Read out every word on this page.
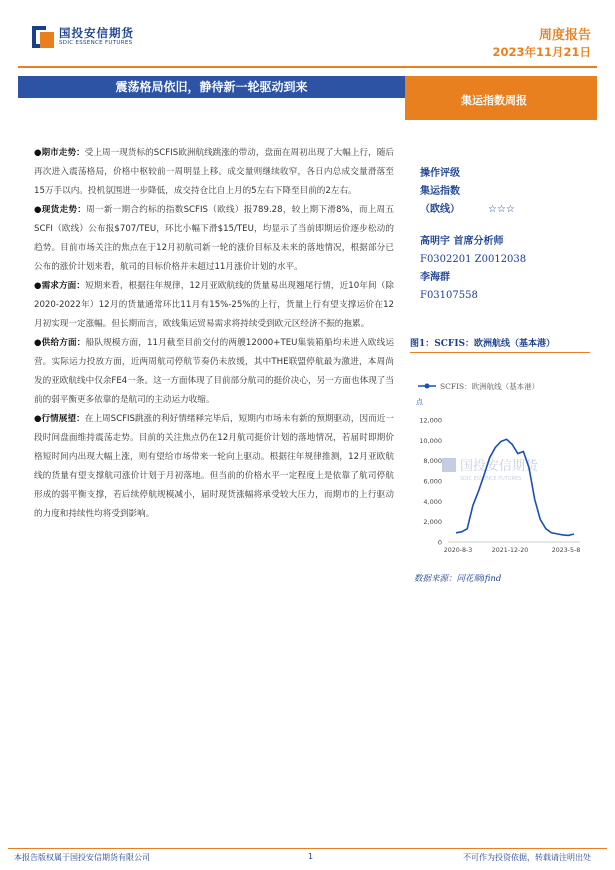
国投安信期货
SDIC ESSENCE FUTURES	周度报告
2023年11月21日
震荡格局依旧，静待新一轮驱动到来
集运指数周报

●期市走势：受上周一现货标的SCFIS欧洲航线跳涨的带动，盘面在周初出现了大幅上行，随后再次进入震荡格局，价格中枢较前一周明显上移。成交量则继续收窄，各日内总成交量滑落至15万手以内。投机氛围进一步降低，成交持仓比自上月的5左右下降至目前的2左右。

●现货走势：周一新一期合约标的指数SCFIS（欧线）报789.28，较上期下滑8%，而上周五SCFI（欧线）公布报$707/TEU，环比小幅下滑$15/TEU，均显示了当前即期运价逐步松动的趋势。目前市场关注的焦点在于12月初航司新一轮的涨价目标及未来的落地情况，根据部分已公布的涨价计划来看，航司的目标价格并未超过11月涨价计划的水平。

●需求方面：短期来看，根据往年规律，12月亚欧航线的货量易出现翘尾行情，近10年间（除2020-2022年）12月的货量通常环比11月有15%-25%的上行，货量上行有望支撑运价在12月初实现一定涨幅。但长期而言，欧线集运贸易需求将持续受到欧元区经济不振的拖累。

●供给方面：船队规模方面，11月截至目前交付的两艘12000+TEU集装箱船均未进入欧线运营。实际运力投放方面，近两周航司停航节奏仍未放缓，其中THE联盟停航最为激进，本周尚发的亚欧航线中仅余FE4一条。这一方面体现了目前部分航司的挺价决心，另一方面也体现了当前的弱平衡更多依靠的是航司的主动运力收缩。

●行情展望：在上周SCFIS跳涨的利好情绪释完毕后，短期内市场未有新的预期驱动，因而近一段时间盘面维持震荡走势。目前的关注焦点仍在12月航司挺价计划的落地情况，若届时即期价格短时间内出现大幅上涨，则有望给市场带来一轮向上驱动。根据往年规律推测，12月亚欧航线的货量有望支撑航司涨价计划于月初落地。但当前的价格水平一定程度上是依靠了航司停航形成的弱平衡支撑，若后续停航规模减小，届时现货涨幅将承受较大压力，而期市的上行驱动的力度和持续性均将受到影响。

操作评级
集运指数
（欧线）	☆☆☆
高明宇 首席分析师
F0302201 Z0012038
李海群
F03107558
图1：SCFIS：欧洲航线（基本港）
SCFIS：欧洲航线（基本港）
点
国投安信期货
SDIC ESSENCE FUTURES
0
2,000
4,000
6,000
8,000
10,000
12,000
2020-8-3	2021-12-20	2023-5-8
数据来源：同花顺ifind
本报告版权属于国投安信期货有限公司	1	不可作为投资依据，转载请注明出处
